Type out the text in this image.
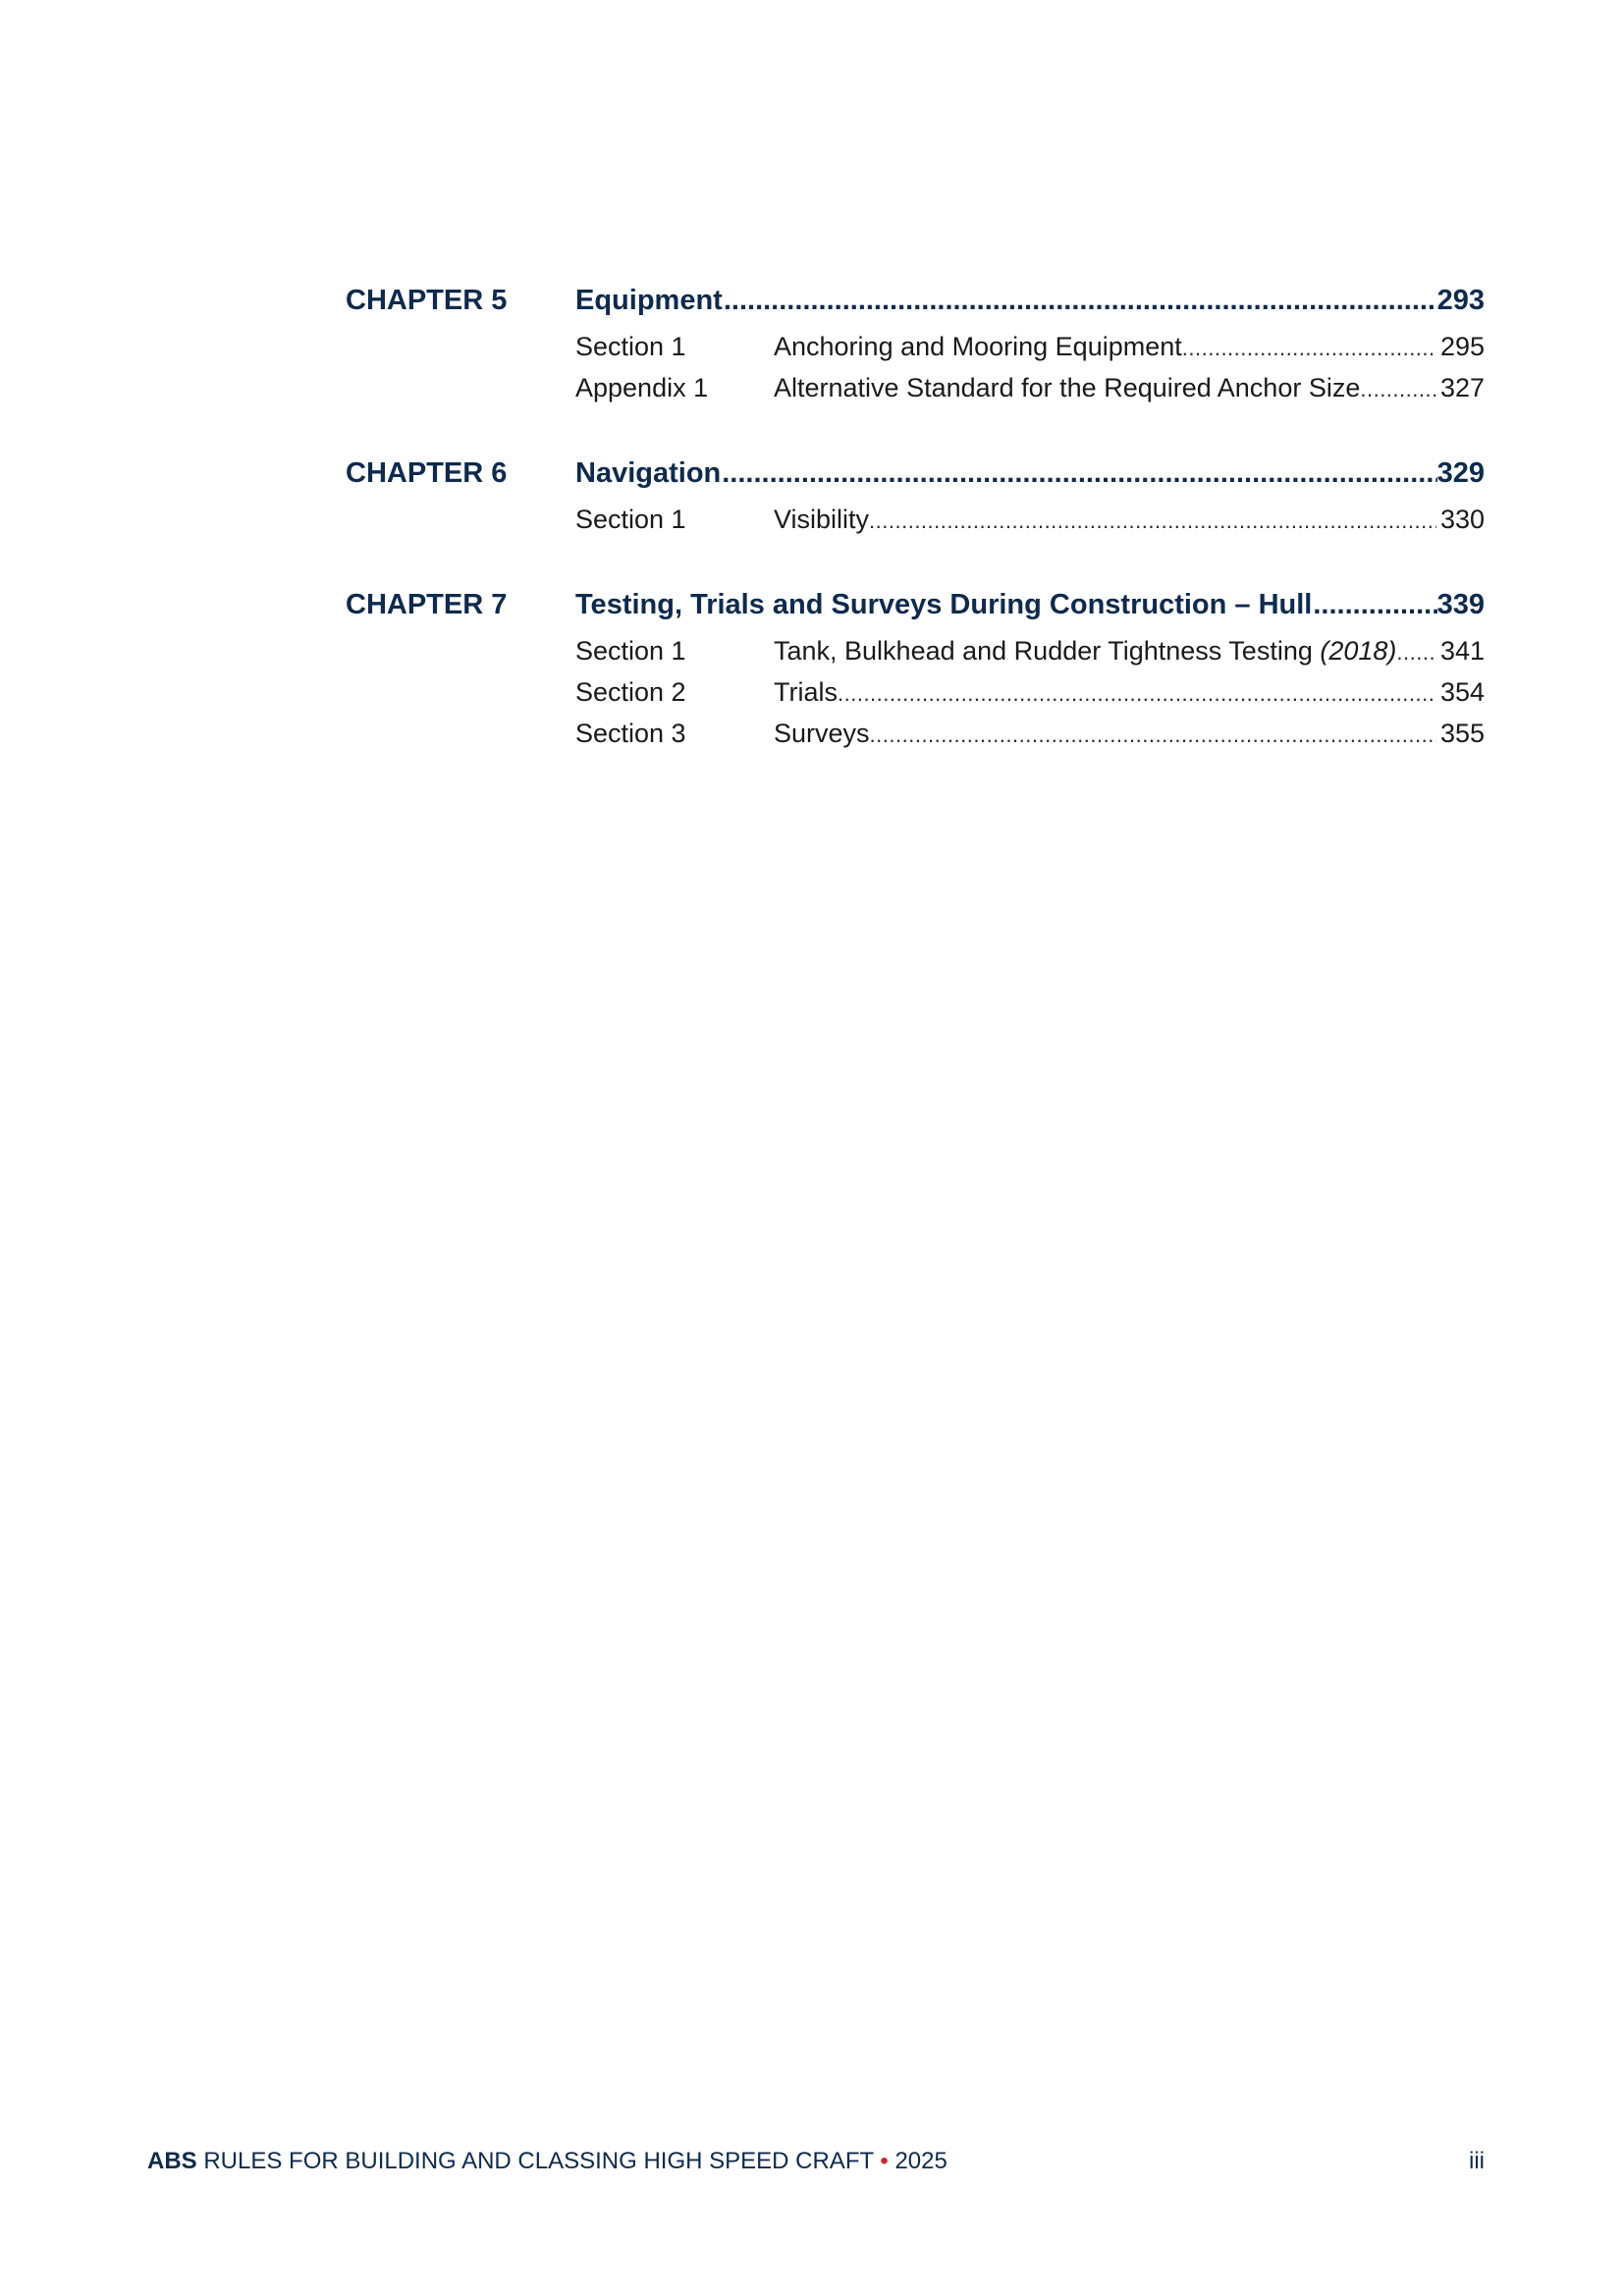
CHAPTER 5	Equipment .....	293
Section 1	Anchoring and Mooring Equipment .....	295
Appendix 1	Alternative Standard for the Required Anchor Size .....	327
CHAPTER 6	Navigation .....	329
Section 1	Visibility .....	330
CHAPTER 7	Testing, Trials and Surveys During Construction – Hull .....	339
Section 1	Tank, Bulkhead and Rudder Tightness Testing (2018) ..... 341
Section 2	Trials .....	354
Section 3	Surveys .....	355
ABS RULES FOR BUILDING AND CLASSING HIGH SPEED CRAFT • 2025	iii
